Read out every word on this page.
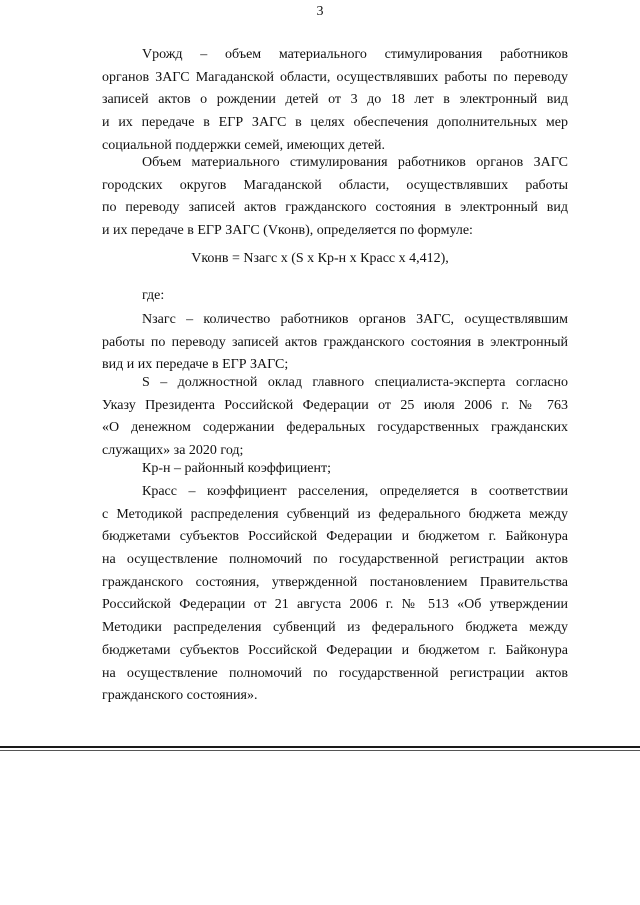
3
Vрожд – объем материального стимулирования работников
органов ЗАГС Магаданской области, осуществлявших работы по переводу
записей актов о рождении детей от 3 до 18 лет в электронный вид
и их передаче в ЕГР ЗАГС в целях обеспечения дополнительных мер
социальной поддержки семей, имеющих детей.
Объем материального стимулирования работников органов ЗАГС
городских округов Магаданской области, осуществлявших работы
по переводу записей актов гражданского состояния в электронный вид
и их передаче в ЕГР ЗАГС (Vконв), определяется по формуле:
Vконв = Nзагс х (S х Кр-н х Красс х 4,412),
где:
Nзагс – количество работников органов ЗАГС, осуществлявшим
работы по переводу записей актов гражданского состояния в электронный
вид и их передаче в ЕГР ЗАГС;
S – должностной оклад главного специалиста-эксперта согласно
Указу Президента Российской Федерации от 25 июля 2006 г. № 763
«О денежном содержании федеральных государственных гражданских
служащих» за 2020 год;
Кр-н – районный коэффициент;
Красс – коэффициент расселения, определяется в соответствии
с Методикой распределения субвенций из федерального бюджета между
бюджетами субъектов Российской Федерации и бюджетом г. Байконура
на осуществление полномочий по государственной регистрации актов
гражданского состояния, утвержденной постановлением Правительства
Российской Федерации от 21 августа 2006 г. № 513 «Об утверждении
Методики распределения субвенций из федерального бюджета между
бюджетами субъектов Российской Федерации и бюджетом г. Байконура
на осуществление полномочий по государственной регистрации актов
гражданского состояния».
